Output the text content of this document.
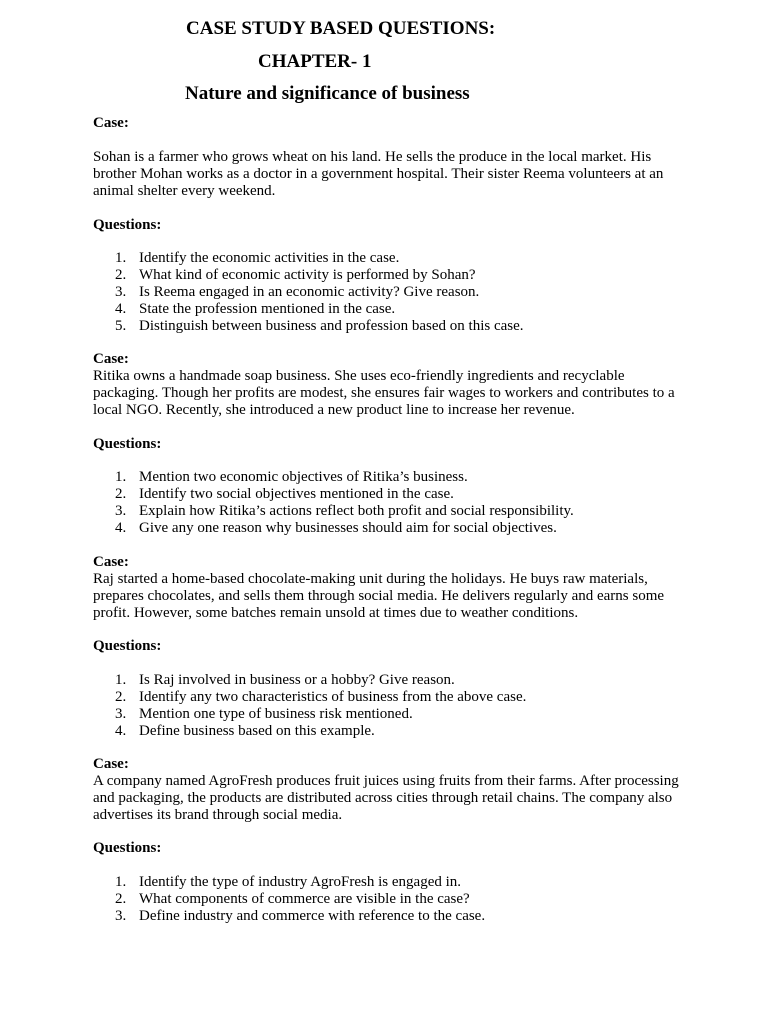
CASE STUDY BASED QUESTIONS:
CHAPTER- 1
Nature and significance of business

Case:

Sohan is a farmer who grows wheat on his land. He sells the produce in the local market. His brother Mohan works as a doctor in a government hospital. Their sister Reema volunteers at an animal shelter every weekend.

Questions:

1. Identify the economic activities in the case.
2. What kind of economic activity is performed by Sohan?
3. Is Reema engaged in an economic activity? Give reason.
4. State the profession mentioned in the case.
5. Distinguish between business and profession based on this case.

Case:

Ritika owns a handmade soap business. She uses eco-friendly ingredients and recyclable packaging. Though her profits are modest, she ensures fair wages to workers and contributes to a local NGO. Recently, she introduced a new product line to increase her revenue.

Questions:

1. Mention two economic objectives of Ritika’s business.
2. Identify two social objectives mentioned in the case.
3. Explain how Ritika’s actions reflect both profit and social responsibility.
4. Give any one reason why businesses should aim for social objectives.

Case:

Raj started a home-based chocolate-making unit during the holidays. He buys raw materials, prepares chocolates, and sells them through social media. He delivers regularly and earns some profit. However, some batches remain unsold at times due to weather conditions.

Questions:

1. Is Raj involved in business or a hobby? Give reason.
2. Identify any two characteristics of business from the above case.
3. Mention one type of business risk mentioned.
4. Define business based on this example.

Case:

A company named AgroFresh produces fruit juices using fruits from their farms. After processing and packaging, the products are distributed across cities through retail chains. The company also advertises its brand through social media.

Questions:

1. Identify the type of industry AgroFresh is engaged in.
2. What components of commerce are visible in the case?
3. Define industry and commerce with reference to the case.
